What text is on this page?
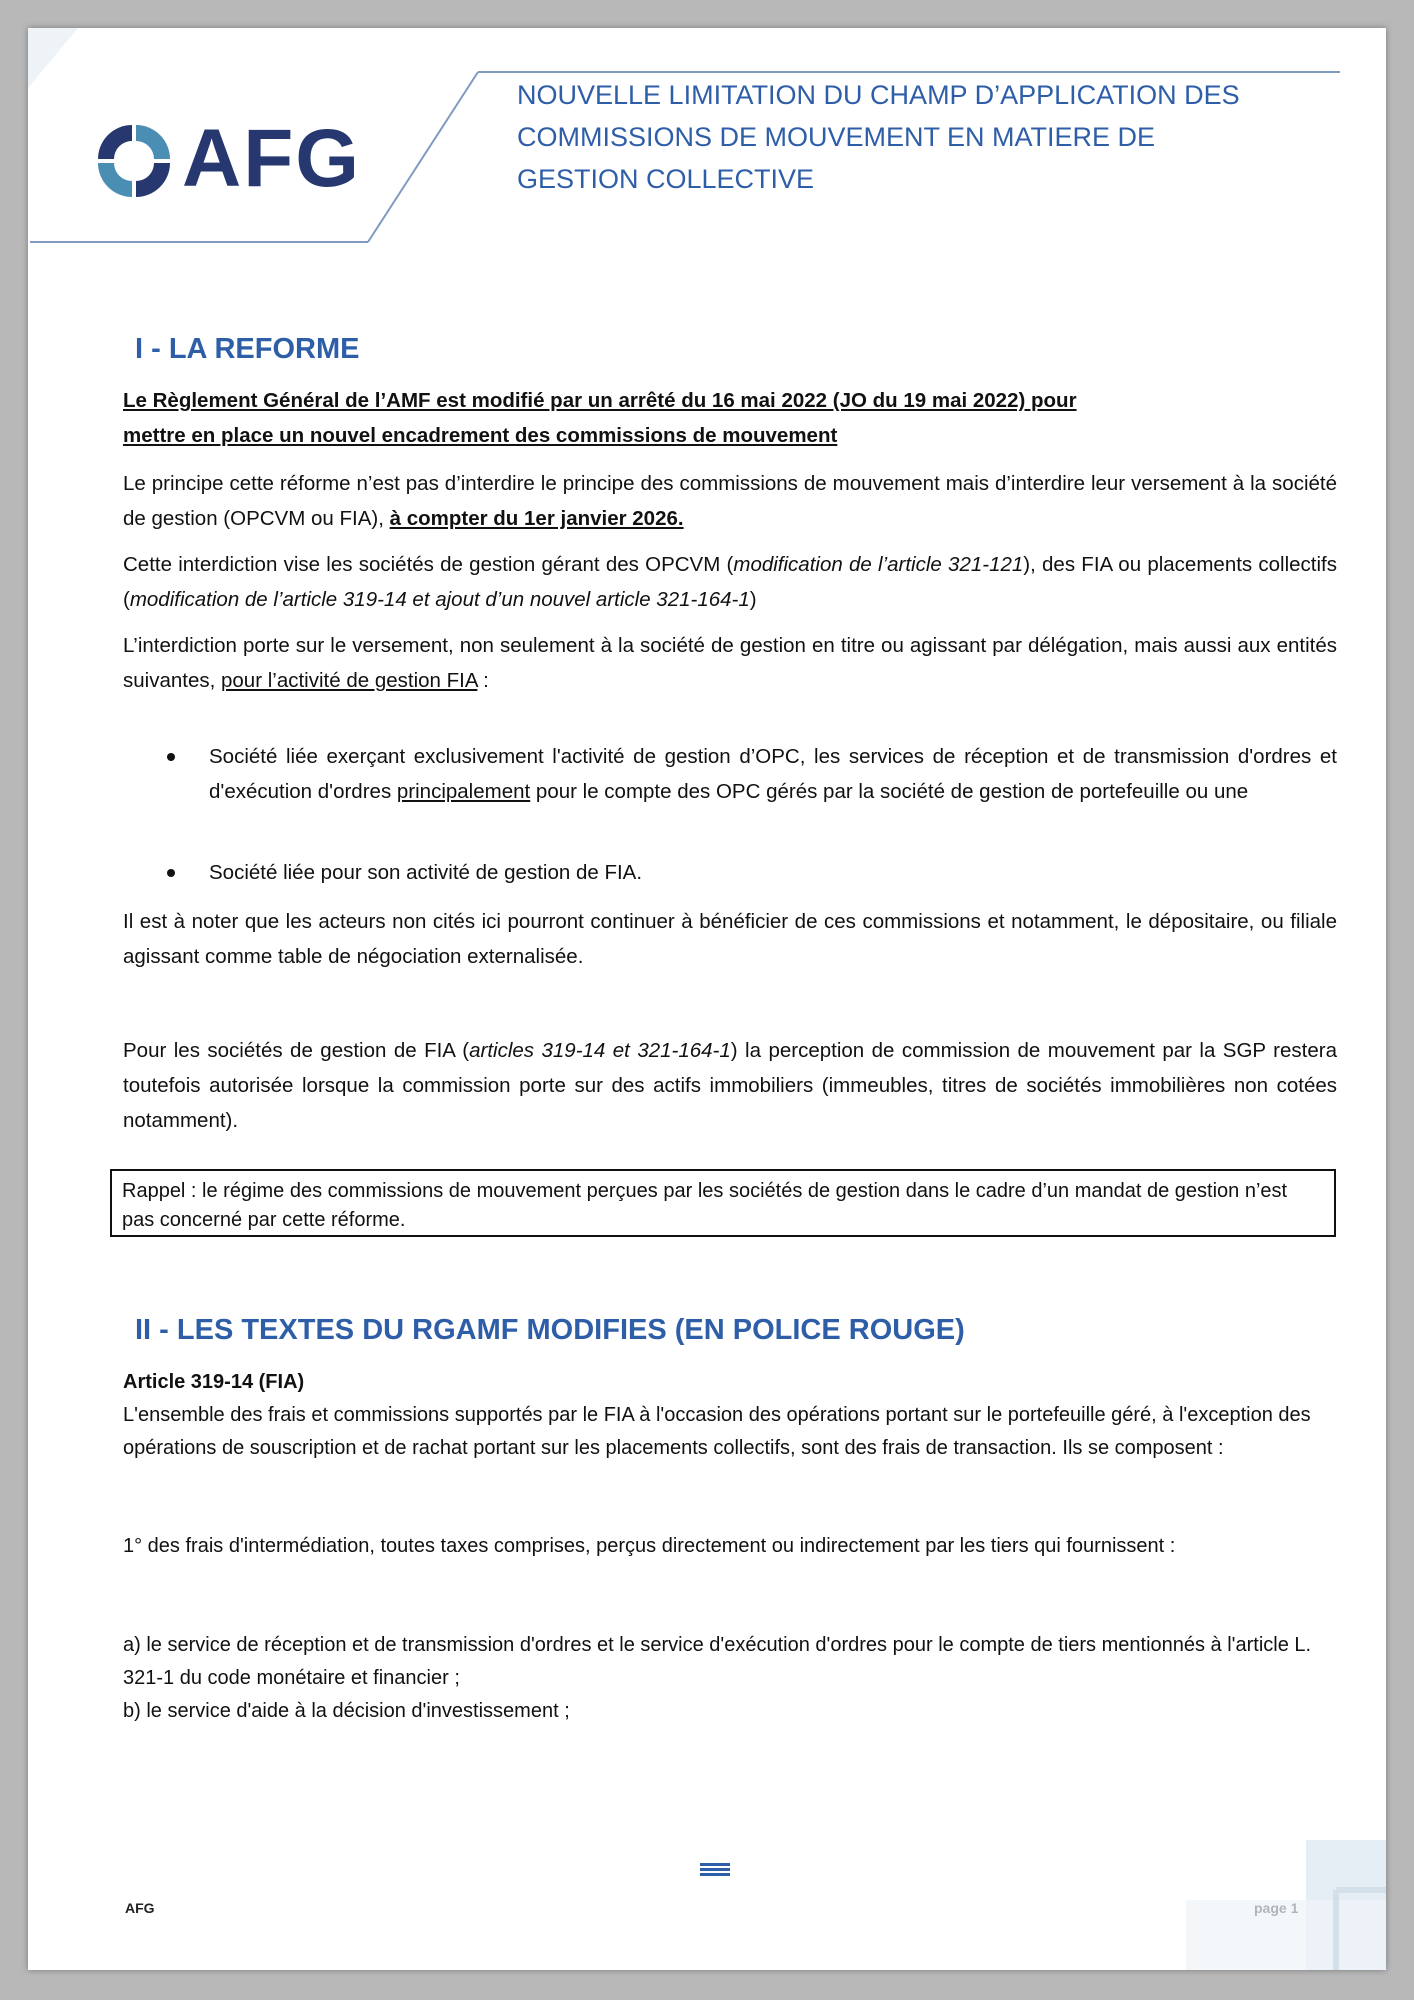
AFG
NOUVELLE LIMITATION DU CHAMP D’APPLICATION DES
COMMISSIONS DE MOUVEMENT EN MATIERE DE
GESTION COLLECTIVE
I - LA REFORME

Le Règlement Général de l’AMF est modifié par un arrêté du 16 mai 2022 (JO du 19 mai 2022) pour
mettre en place un nouvel encadrement des commissions de mouvement

Le principe cette réforme n’est pas d’interdire le principe des commissions de mouvement mais d’interdire leur versement à la société de gestion (OPCVM ou FIA), à compter du 1er janvier 2026.

Cette interdiction vise les sociétés de gestion gérant des OPCVM (modification de l’article 321-121), des FIA ou placements collectifs (modification de l’article 319-14 et ajout d’un nouvel article 321-164-1)

L’interdiction porte sur le versement, non seulement à la société de gestion en titre ou agissant par délégation, mais aussi aux entités suivantes, pour l’activité de gestion FIA :

Société liée exerçant exclusivement l'activité de gestion d’OPC, les services de réception et de transmission d'ordres et d'exécution d'ordres principalement pour le compte des OPC gérés par la société de gestion de portefeuille ou une
Société liée pour son activité de gestion de FIA.

Il est à noter que les acteurs non cités ici pourront continuer à bénéficier de ces commissions et notamment, le dépositaire, ou filiale agissant comme table de négociation externalisée.

Pour les sociétés de gestion de FIA (articles 319-14 et 321-164-1) la perception de commission de mouvement par la SGP restera toutefois autorisée lorsque la commission porte sur des actifs immobiliers (immeubles, titres de sociétés immobilières non cotées notamment).

II - LES TEXTES DU RGAMF MODIFIES (EN POLICE ROUGE)
Rappel : le régime des commissions de mouvement perçues par les sociétés de gestion dans le cadre d’un mandat de gestion n’est pas concerné par cette réforme.
Article 319-14 (FIA)
L'ensemble des frais et commissions supportés par le FIA à l'occasion des opérations portant sur le portefeuille géré, à l'exception des opérations de souscription et de rachat portant sur les placements collectifs, sont des frais de transaction. Ils se composent :
1° des frais d'intermédiation, toutes taxes comprises, perçus directement ou indirectement par les tiers qui fournissent :
a) le service de réception et de transmission d'ordres et le service d'exécution d'ordres pour le compte de tiers mentionnés à l'article L. 321-1 du code monétaire et financier ;
b) le service d'aide à la décision d'investissement ;
AFG
